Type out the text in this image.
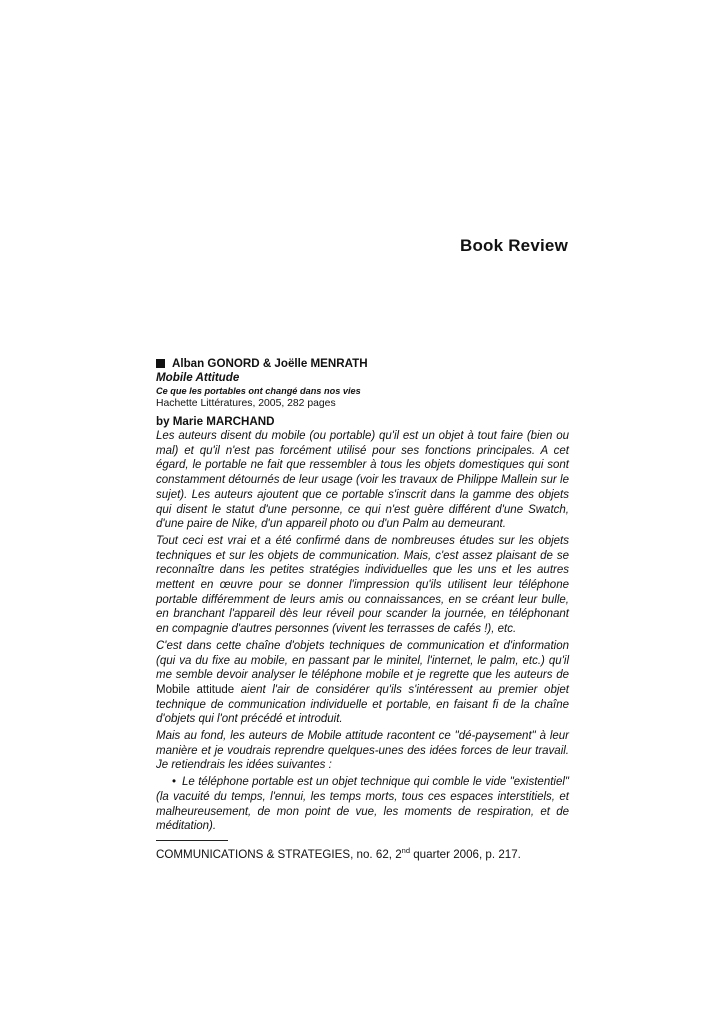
Book Review
Alban GONORD & Joëlle MENRATH
Mobile Attitude
Ce que les portables ont changé dans nos vies
Hachette Littératures, 2005, 282 pages
by Marie MARCHAND

Les auteurs disent du mobile (ou portable) qu'il est un objet à tout faire (bien ou mal) et qu'il n'est pas forcément utilisé pour ses fonctions principales. A cet égard, le portable ne fait que ressembler à tous les objets domestiques qui sont constamment détournés de leur usage (voir les travaux de Philippe Mallein sur le sujet). Les auteurs ajoutent que ce portable s'inscrit dans la gamme des objets qui disent le statut d'une personne, ce qui n'est guère différent d'une Swatch, d'une paire de Nike, d'un appareil photo ou d'un Palm au demeurant.

Tout ceci est vrai et a été confirmé dans de nombreuses études sur les objets techniques et sur les objets de communication. Mais, c'est assez plaisant de se reconnaître dans les petites stratégies individuelles que les uns et les autres mettent en œuvre pour se donner l'impression qu'ils utilisent leur téléphone portable différemment de leurs amis ou connaissances, en se créant leur bulle, en branchant l'appareil dès leur réveil pour scander la journée, en téléphonant en compagnie d'autres personnes (vivent les terrasses de cafés !), etc.

C'est dans cette chaîne d'objets techniques de communication et d'information (qui va du fixe au mobile, en passant par le minitel, l'internet, le palm, etc.) qu'il me semble devoir analyser le téléphone mobile et je regrette que les auteurs de Mobile attitude aient l'air de considérer qu'ils s'intéressent au premier objet technique de communication individuelle et portable, en faisant fi de la chaîne d'objets qui l'ont précédé et introduit.

Mais au fond, les auteurs de Mobile attitude racontent ce "dé-paysement" à leur manière et je voudrais reprendre quelques-unes des idées forces de leur travail. Je retiendrais les idées suivantes :

• Le téléphone portable est un objet technique qui comble le vide "existentiel" (la vacuité du temps, l'ennui, les temps morts, tous ces espaces interstitiels, et malheureusement, de mon point de vue, les moments de respiration, et de méditation).

COMMUNICATIONS & STRATEGIES, no. 62, 2nd quarter 2006, p. 217.
